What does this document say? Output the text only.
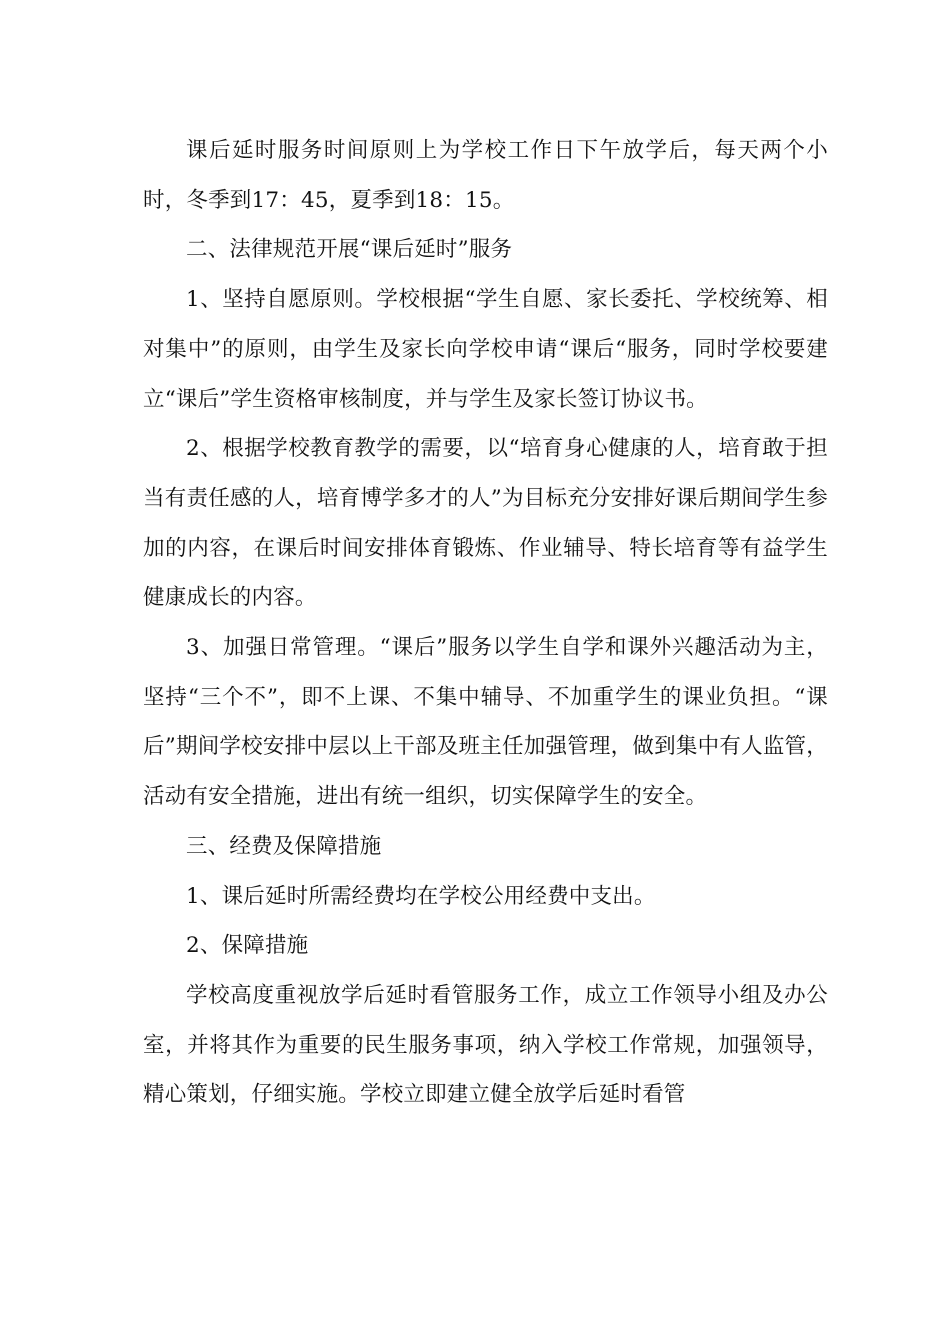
课后延时服务时间原则上为学校工作日下午放学后，每天两个小时，冬季到17：45，夏季到18：15。

二、法律规范开展“课后延时”服务

1、坚持自愿原则。学校根据“学生自愿、家长委托、学校统筹、相对集中”的原则，由学生及家长向学校申请“课后“服务，同时学校要建立“课后”学生资格审核制度，并与学生及家长签订协议书。

2、根据学校教育教学的需要，以“培育身心健康的人，培育敢于担当有责任感的人，培育博学多才的人”为目标充分安排好课后期间学生参加的内容，在课后时间安排体育锻炼、作业辅导、特长培育等有益学生健康成长的内容。

3、加强日常管理。“课后”服务以学生自学和课外兴趣活动为主，坚持“三个不”，即不上课、不集中辅导、不加重学生的课业负担。“课后”期间学校安排中层以上干部及班主任加强管理，做到集中有人监管，活动有安全措施，进出有统一组织，切实保障学生的安全。

三、经费及保障措施

1、课后延时所需经费均在学校公用经费中支出。

2、保障措施

学校高度重视放学后延时看管服务工作，成立工作领导小组及办公室，并将其作为重要的民生服务事项，纳入学校工作常规，加强领导，精心策划，仔细实施。学校立即建立健全放学后延时看管
